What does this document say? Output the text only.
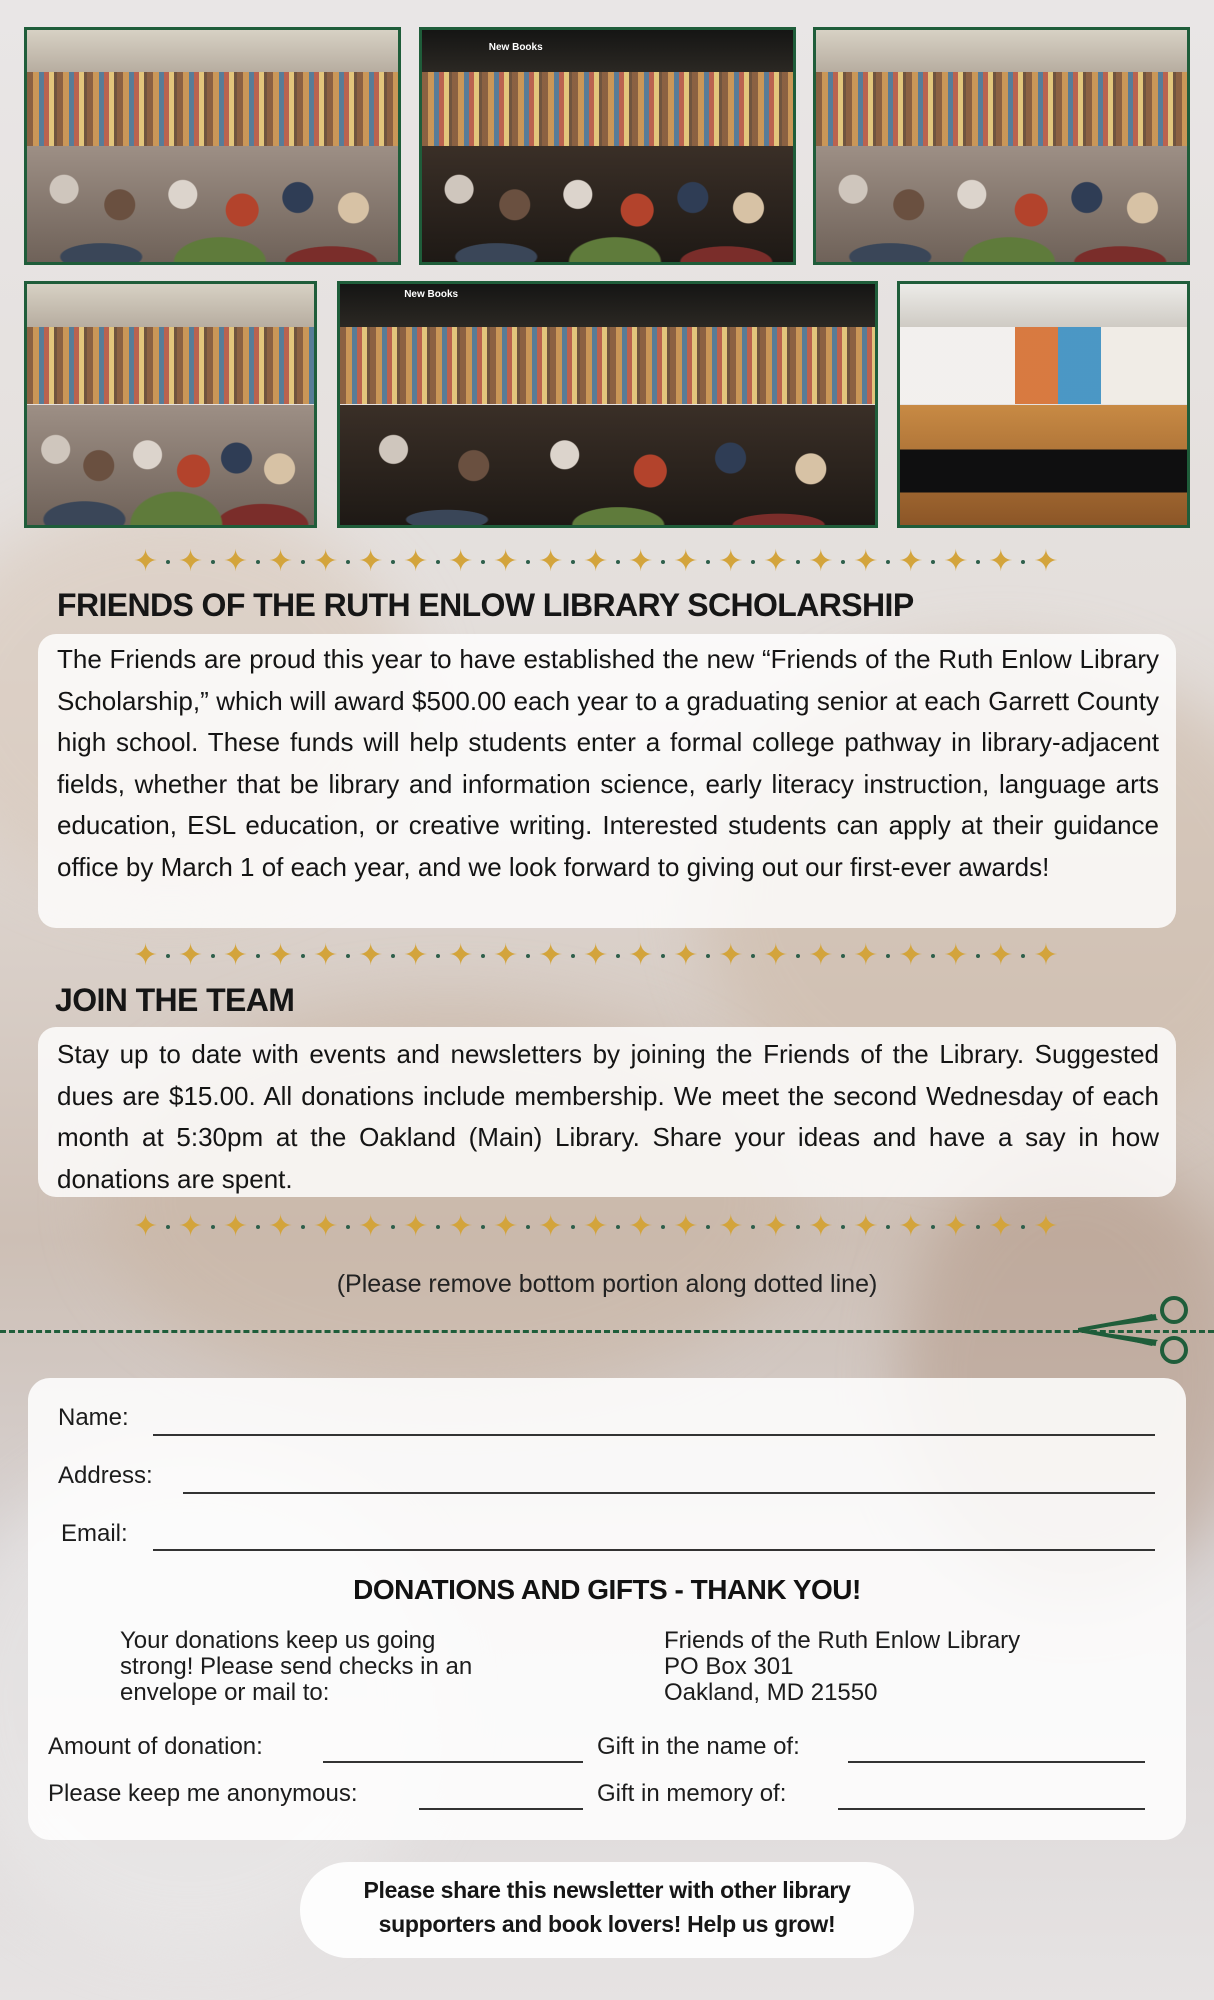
New Books
New Books
✦ ✦ ✦ ✦ ✦ ✦ ✦ ✦ ✦ ✦ ✦ ✦ ✦ ✦ ✦ ✦ ✦ ✦ ✦ ✦ ✦
FRIENDS OF THE RUTH ENLOW LIBRARY SCHOLARSHIP
The Friends are proud this year to have established the new “Friends of the Ruth Enlow Library Scholarship,” which will award $500.00 each year to a graduating senior at each Garrett County high school. These funds will help students enter a formal college pathway in library-adjacent fields, whether that be library and information science, early literacy instruction, language arts education, ESL education, or creative writing. Interested students can apply at their guidance office by March 1 of each year, and we look forward to giving out our first-ever awards!
✦ ✦ ✦ ✦ ✦ ✦ ✦ ✦ ✦ ✦ ✦ ✦ ✦ ✦ ✦ ✦ ✦ ✦ ✦ ✦ ✦
JOIN THE TEAM
Stay up to date with events and newsletters by joining the Friends of the Library. Suggested dues are $15.00. All donations include membership. We meet the second Wednesday of each month at 5:30pm at the Oakland (Main) Library. Share your ideas and have a say in how donations are spent.
✦ ✦ ✦ ✦ ✦ ✦ ✦ ✦ ✦ ✦ ✦ ✦ ✦ ✦ ✦ ✦ ✦ ✦ ✦ ✦ ✦
(Please remove bottom portion along dotted line)
Name:
Address:
Email:
DONATIONS AND GIFTS - THANK YOU!
Your donations keep us going
strong! Please send checks in an
envelope or mail to:
Friends of the Ruth Enlow Library
PO Box 301
Oakland, MD 21550
Amount of donation:	Gift in the name of:
Please keep me anonymous:	Gift in memory of:
Please share this newsletter with other library
supporters and book lovers! Help us grow!
